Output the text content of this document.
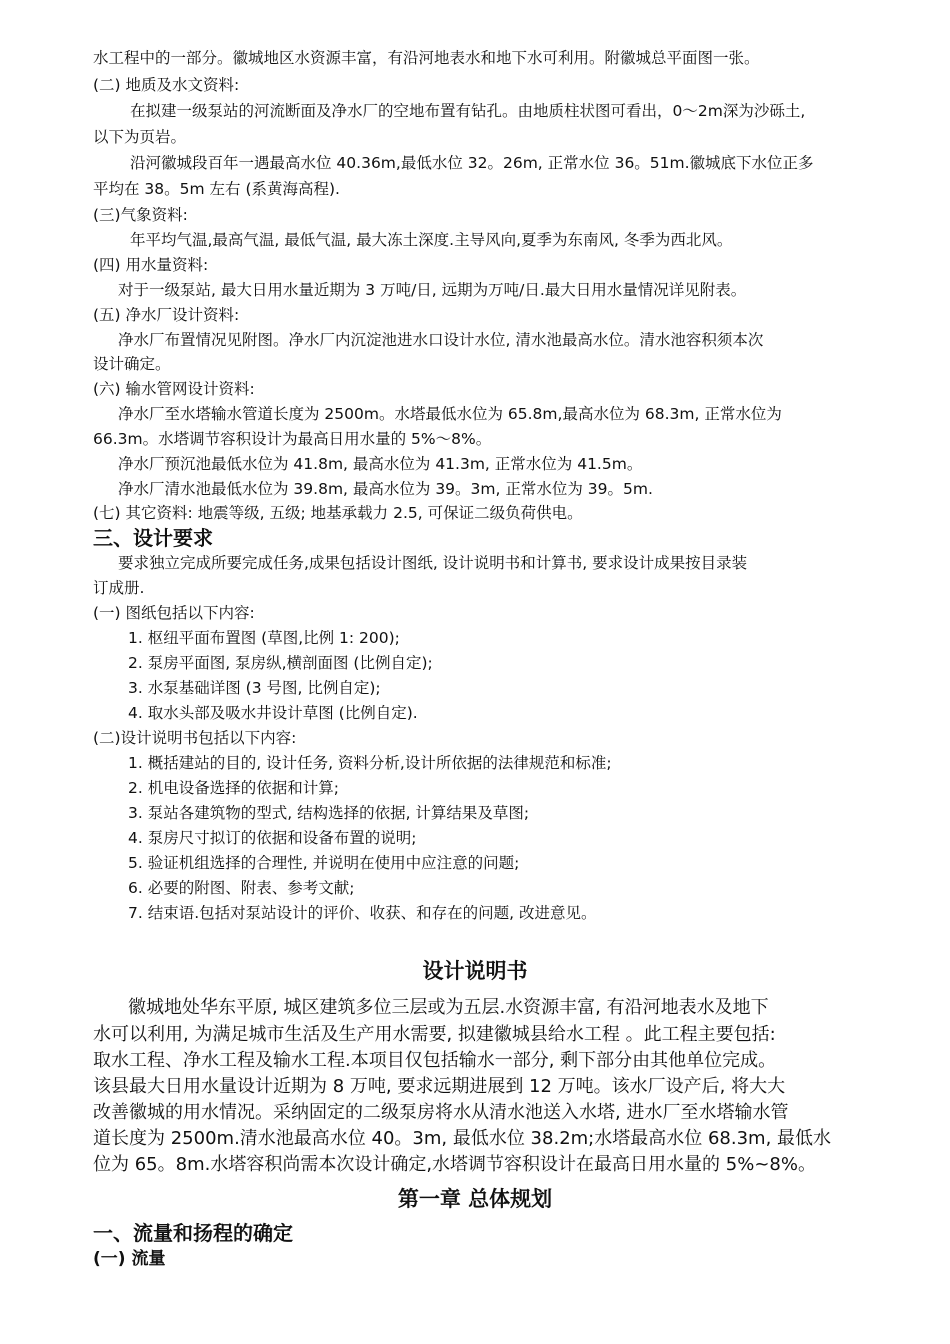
水工程中的一部分。徽城地区水资源丰富，有沿河地表水和地下水可利用。附徽城总平面图一张。
(二) 地质及水文资料:
在拟建一级泵站的河流断面及净水厂的空地布置有钻孔。由地质柱状图可看出，0～2m深为沙砾土,
以下为页岩。
沿河徽城段百年一遇最高水位 40.36m,最低水位 32。26m, 正常水位 36。51m.徽城底下水位正多
平均在 38。5m 左右 (系黄海高程).
(三)气象资料:
年平均气温,最高气温, 最低气温, 最大冻土深度.主导风向,夏季为东南风, 冬季为西北风。
(四) 用水量资料:
对于一级泵站, 最大日用水量近期为 3 万吨/日, 远期为万吨/日.最大日用水量情况详见附表。
(五) 净水厂设计资料:
净水厂布置情况见附图。净水厂内沉淀池进水口设计水位, 清水池最高水位。清水池容积须本次
设计确定。
(六) 输水管网设计资料:
净水厂至水塔输水管道长度为 2500m。水塔最低水位为 65.8m,最高水位为 68.3m, 正常水位为
66.3m。水塔调节容积设计为最高日用水量的 5%～8%。
净水厂预沉池最低水位为 41.8m, 最高水位为 41.3m, 正常水位为 41.5m。
净水厂清水池最低水位为 39.8m, 最高水位为 39。3m, 正常水位为 39。5m.
(七) 其它资料: 地震等级, 五级; 地基承载力 2.5, 可保证二级负荷供电。
三、设计要求
要求独立完成所要完成任务,成果包括设计图纸, 设计说明书和计算书, 要求设计成果按目录装
订成册.
(一) 图纸包括以下内容:
1. 枢纽平面布置图 (草图,比例 1: 200);
2. 泵房平面图, 泵房纵,横剖面图 (比例自定);
3. 水泵基础详图 (3 号图, 比例自定);
4. 取水头部及吸水井设计草图 (比例自定).
(二)设计说明书包括以下内容:
1. 概括建站的目的, 设计任务, 资料分析,设计所依据的法律规范和标准;
2. 机电设备选择的依据和计算;
3. 泵站各建筑物的型式, 结构选择的依据, 计算结果及草图;
4. 泵房尺寸拟订的依据和设备布置的说明;
5. 验证机组选择的合理性, 并说明在使用中应注意的问题;
6. 必要的附图、附表、参考文献;
7. 结束语.包括对泵站设计的评价、收获、和存在的问题, 改进意见。
设计说明书
徽城地处华东平原, 城区建筑多位三层或为五层.水资源丰富, 有沿河地表水及地下
水可以利用, 为满足城市生活及生产用水需要, 拟建徽城县给水工程 。此工程主要包括:
取水工程、净水工程及输水工程.本项目仅包括输水一部分, 剩下部分由其他单位完成。
该县最大日用水量设计近期为 8 万吨, 要求远期进展到 12 万吨。该水厂设产后, 将大大
改善徽城的用水情况。采纳固定的二级泵房将水从清水池送入水塔, 进水厂至水塔输水管
道长度为 2500m.清水池最高水位 40。3m, 最低水位 38.2m;水塔最高水位 68.3m, 最低水
位为 65。8m.水塔容积尚需本次设计确定,水塔调节容积设计在最高日用水量的 5%~8%。
第一章 总体规划
一、流量和扬程的确定
(一) 流量
